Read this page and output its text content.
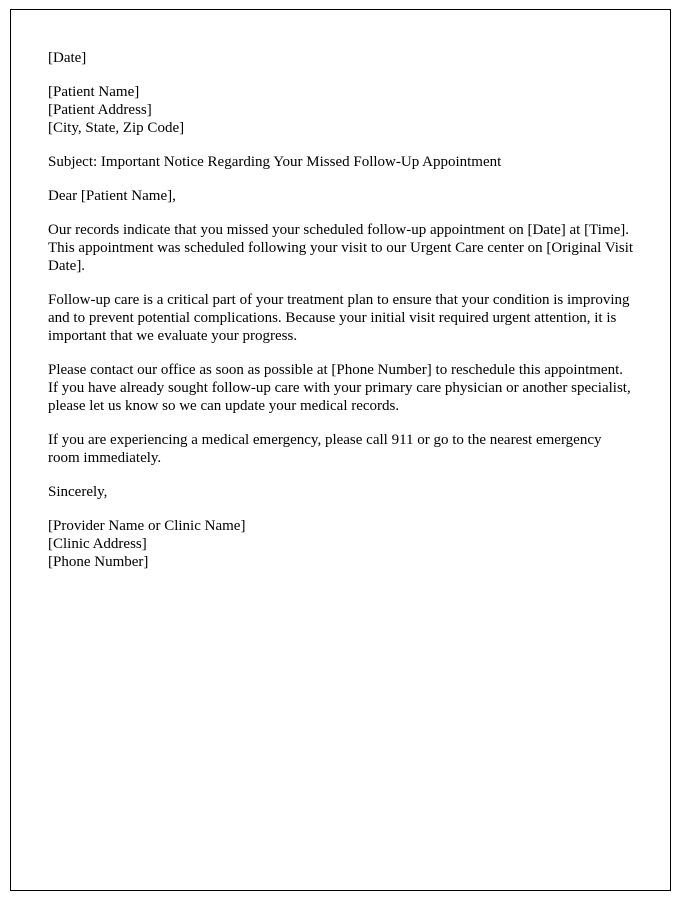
[Date]
[Patient Name]
[Patient Address]
[City, State, Zip Code]
Subject: Important Notice Regarding Your Missed Follow-Up Appointment
Dear [Patient Name],

Our records indicate that you missed your scheduled follow-up appointment on [Date] at [Time]. This appointment was scheduled following your visit to our Urgent Care center on [Original Visit Date].

Follow-up care is a critical part of your treatment plan to ensure that your condition is improving and to prevent potential complications. Because your initial visit required urgent attention, it is important that we evaluate your progress.

Please contact our office as soon as possible at [Phone Number] to reschedule this appointment. If you have already sought follow-up care with your primary care physician or another specialist, please let us know so we can update your medical records.

If you are experiencing a medical emergency, please call 911 or go to the nearest emergency room immediately.

Sincerely,
[Provider Name or Clinic Name]
[Clinic Address]
[Phone Number]
